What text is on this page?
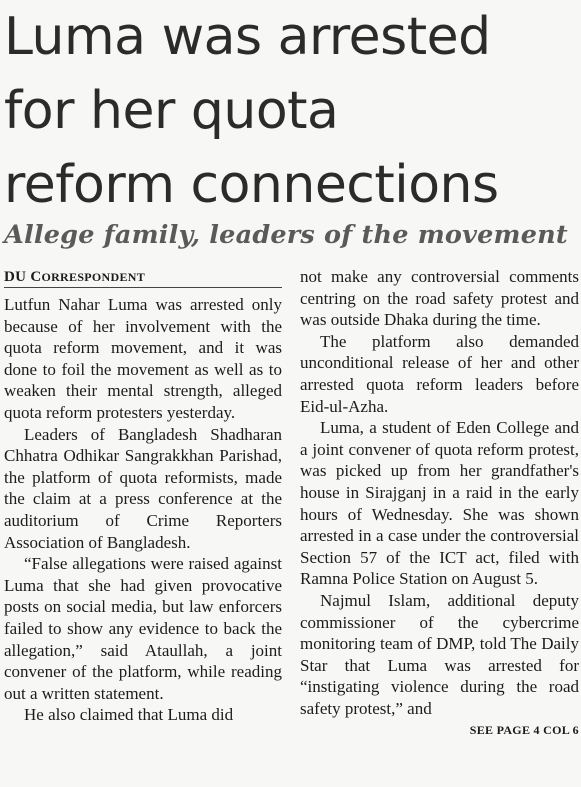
Luma was arrested
for her quota
reform connections
Allege family, leaders of the movement
DU CORRESPONDENT

Lutfun Nahar Luma was arrested only because of her involvement with the quota reform movement, and it was done to foil the movement as well as to weaken their mental strength, alleged quota reform protesters yesterday.

Leaders of Bangladesh Shadharan Chhatra Odhikar Sangrakkhan Parishad, the platform of quota reformists, made the claim at a press conference at the auditorium of Crime Reporters Association of Bangladesh.

“False allegations were raised against Luma that she had given provocative posts on social media, but law enforcers failed to show any evidence to back the allegation,” said Ataullah, a joint convener of the platform, while reading out a written statement.

He also claimed that Luma did

not make any controversial comments centring on the road safety protest and was outside Dhaka during the time.

The platform also demanded unconditional release of her and other arrested quota reform leaders before Eid-ul-Azha.

Luma, a student of Eden College and a joint convener of quota reform protest, was picked up from her grandfather's house in Sirajganj in a raid in the early hours of Wednesday. She was shown arrested in a case under the controversial Section 57 of the ICT act, filed with Ramna Police Station on August 5.

Najmul Islam, additional deputy commissioner of the cybercrime monitoring team of DMP, told The Daily Star that Luma was arrested for “instigating violence during the road safety protest,” and

SEE PAGE 4 COL 6
